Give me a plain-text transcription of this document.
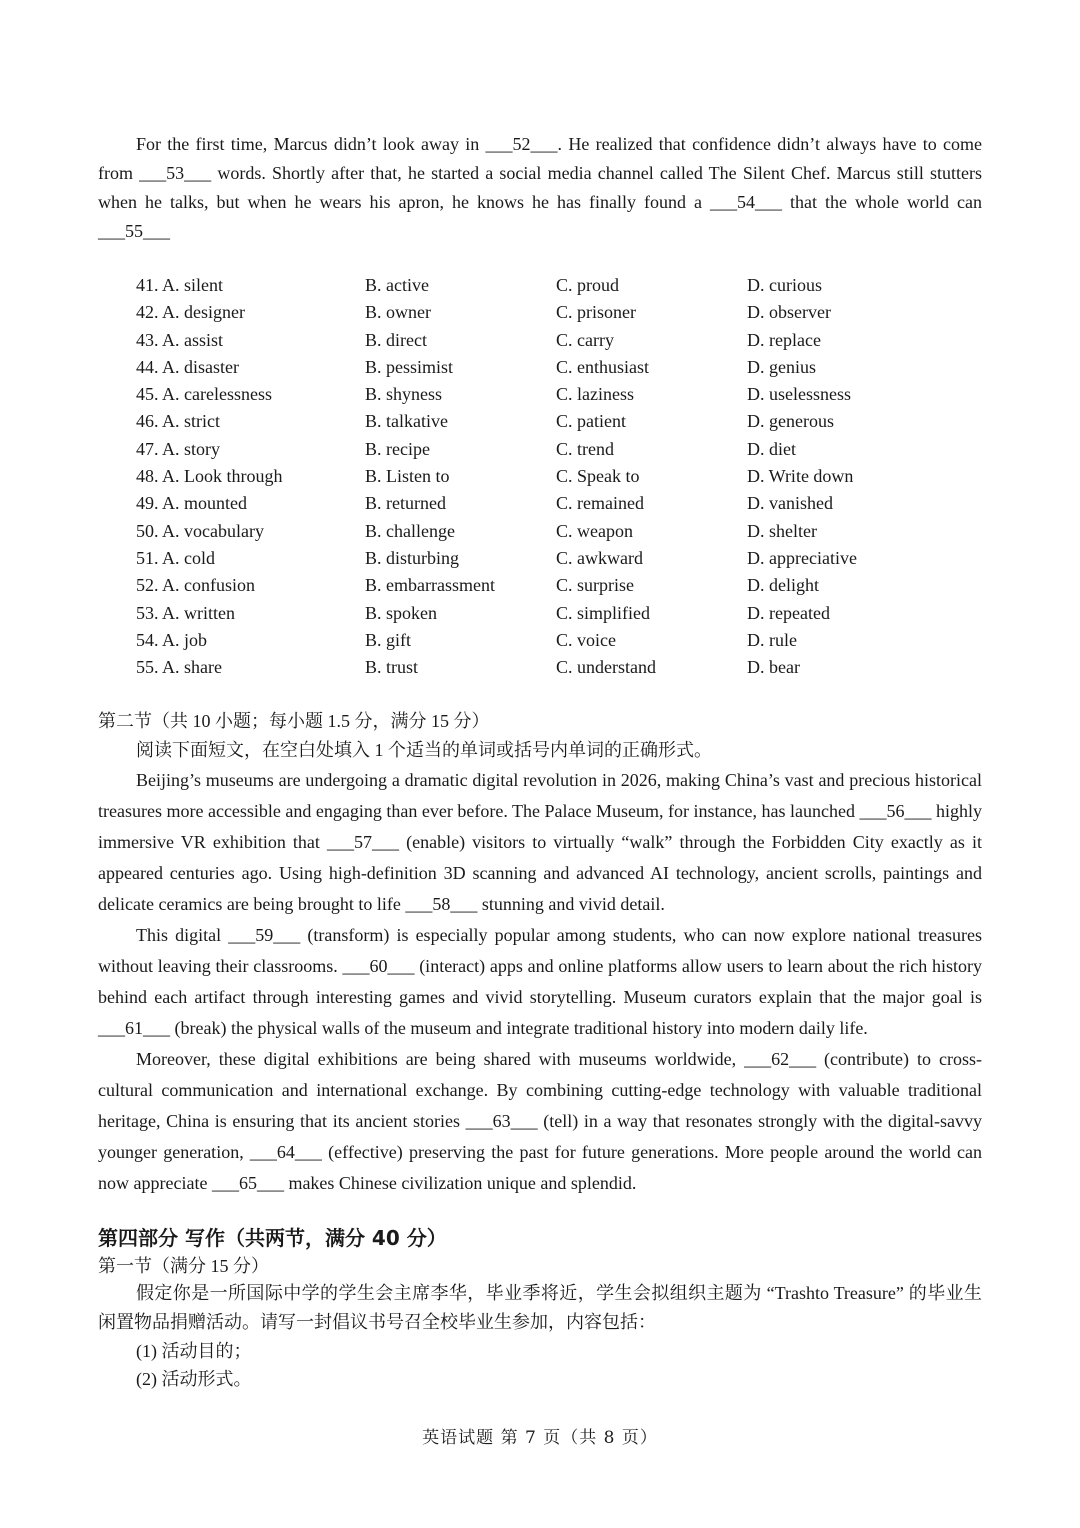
For the first time, Marcus didn’t look away in ___52___. He realized that confidence didn’t always have to come from ___53___ words. Shortly after that, he started a social media channel called The Silent Chef. Marcus still stutters when he talks, but when he wears his apron, he knows he has finally found a ___54___ that the whole world can ___55___

41. A. silent	B. active	C. proud	D. curious
42. A. designer	B. owner	C. prisoner	D. observer
43. A. assist	B. direct	C. carry	D. replace
44. A. disaster	B. pessimist	C. enthusiast	D. genius
45. A. carelessness	B. shyness	C. laziness	D. uselessness
46. A. strict	B. talkative	C. patient	D. generous
47. A. story	B. recipe	C. trend	D. diet
48. A. Look through	B. Listen to	C. Speak to	D. Write down
49. A. mounted	B. returned	C. remained	D. vanished
50. A. vocabulary	B. challenge	C. weapon	D. shelter
51. A. cold	B. disturbing	C. awkward	D. appreciative
52. A. confusion	B. embarrassment	C. surprise	D. delight
53. A. written	B. spoken	C. simplified	D. repeated
54. A. job	B. gift	C. voice	D. rule
55. A. share	B. trust	C. understand	D. bear
第二节（共 10 小题；每小题 1.5 分，满分 15 分）

阅读下面短文，在空白处填入 1 个适当的单词或括号内单词的正确形式。

Beijing’s museums are undergoing a dramatic digital revolution in 2026, making China’s vast and precious historical treasures more accessible and engaging than ever before. The Palace Museum, for instance, has launched ___56___ highly immersive VR exhibition that ___57___ (enable) visitors to virtually “walk” through the Forbidden City exactly as it appeared centuries ago. Using high-definition 3D scanning and advanced AI technology, ancient scrolls, paintings and delicate ceramics are being brought to life ___58___ stunning and vivid detail.

This digital ___59___ (transform) is especially popular among students, who can now explore national treasures without leaving their classrooms. ___60___ (interact) apps and online platforms allow users to learn about the rich history behind each artifact through interesting games and vivid storytelling. Museum curators explain that the major goal is ___61___ (break) the physical walls of the museum and integrate traditional history into modern daily life.

Moreover, these digital exhibitions are being shared with museums worldwide, ___62___ (contribute) to cross-cultural communication and international exchange. By combining cutting-edge technology with valuable traditional heritage, China is ensuring that its ancient stories ___63___ (tell) in a way that resonates strongly with the digital-savvy younger generation, ___64___ (effective) preserving the past for future generations. More people around the world can now appreciate ___65___ makes Chinese civilization unique and splendid.

第四部分 写作（共两节，满分 40 分）
第一节（满分 15 分）

假定你是一所国际中学的学生会主席李华，毕业季将近，学生会拟组织主题为 “Trashto Treasure” 的毕业生闲置物品捐赠活动。请写一封倡议书号召全校毕业生参加，内容包括：

(1) 活动目的；
(2) 活动形式。
英语试题 第 7 页（共 8 页）
